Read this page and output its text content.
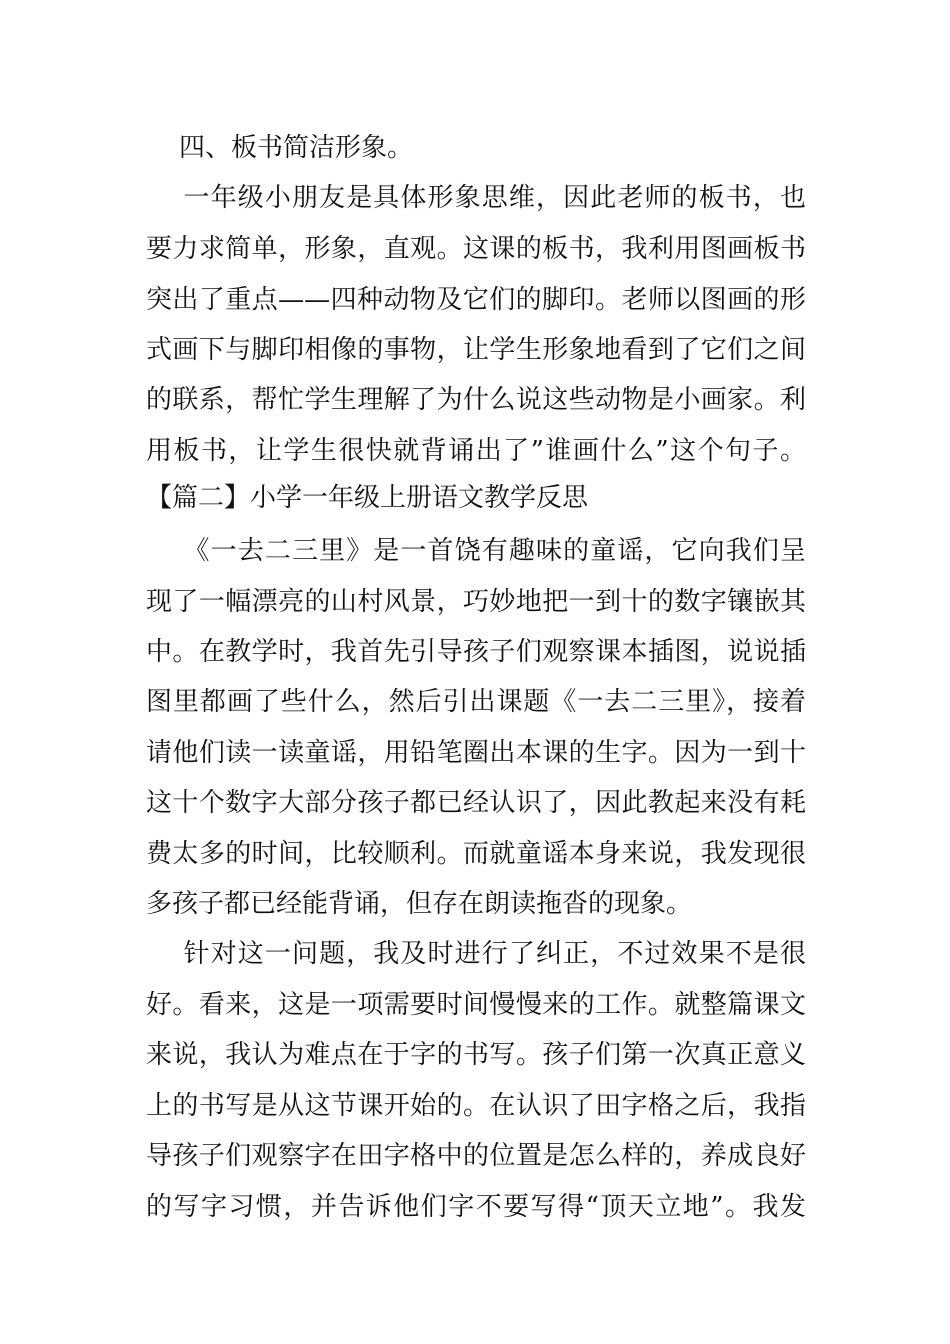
四、板书简洁形象。
一年级小朋友是具体形象思维，因此老师的板书，也
要力求简单，形象，直观。这课的板书，我利用图画板书
突出了重点——四种动物及它们的脚印。老师以图画的形
式画下与脚印相像的事物，让学生形象地看到了它们之间
的联系，帮忙学生理解了为什么说这些动物是小画家。利
用板书，让学生很快就背诵出了”谁画什么”这个句子。
【篇二】小学一年级上册语文教学反思
《一去二三里》是一首饶有趣味的童谣，它向我们呈
现了一幅漂亮的山村风景，巧妙地把一到十的数字镶嵌其
中。在教学时，我首先引导孩子们观察课本插图，说说插
图里都画了些什么，然后引出课题《一去二三里》，接着
请他们读一读童谣，用铅笔圈出本课的生字。因为一到十
这十个数字大部分孩子都已经认识了，因此教起来没有耗
费太多的时间，比较顺利。而就童谣本身来说，我发现很
多孩子都已经能背诵，但存在朗读拖沓的现象。
针对这一问题，我及时进行了纠正，不过效果不是很
好。看来，这是一项需要时间慢慢来的工作。就整篇课文
来说，我认为难点在于字的书写。孩子们第一次真正意义
上的书写是从这节课开始的。在认识了田字格之后，我指
导孩子们观察字在田字格中的位置是怎么样的，养成良好
的写字习惯，并告诉他们字不要写得“顶天立地”。我发
